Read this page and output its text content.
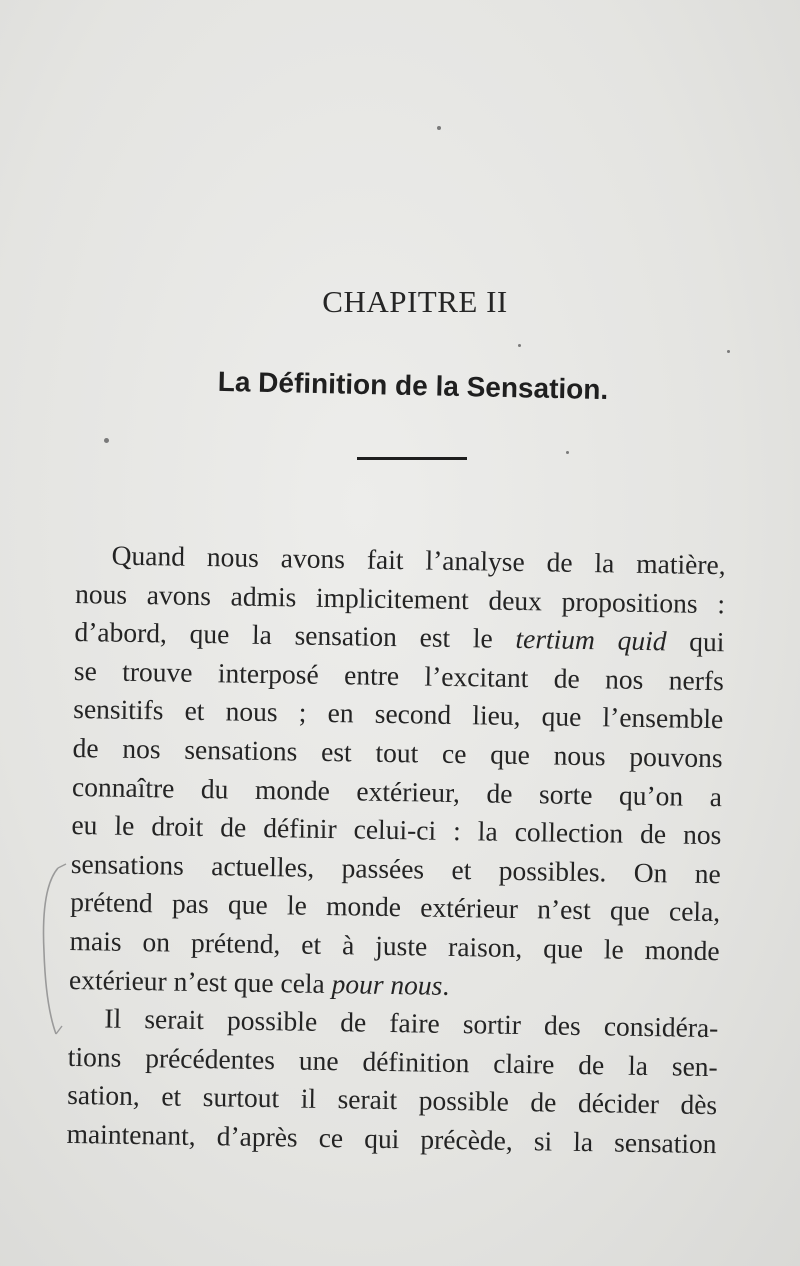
CHAPITRE II
La Définition de la Sensation.
Quand nous avons fait l’analyse de la matière,
nous avons admis implicitement deux propositions :
d’abord, que la sensation est le tertium quid qui
se trouve interposé entre l’excitant de nos nerfs
sensitifs et nous ; en second lieu, que l’ensemble
de nos sensations est tout ce que nous pouvons
connaître du monde extérieur, de sorte qu’on a
eu le droit de définir celui-ci : la collection de nos
sensations actuelles, passées et possibles. On ne
prétend pas que le monde extérieur n’est que cela,
mais on prétend, et à juste raison, que le monde
extérieur n’est que cela pour nous.
Il serait possible de faire sortir des considéra-
tions précédentes une définition claire de la sen-
sation, et surtout il serait possible de décider dès
maintenant, d’après ce qui précède, si la sensation
